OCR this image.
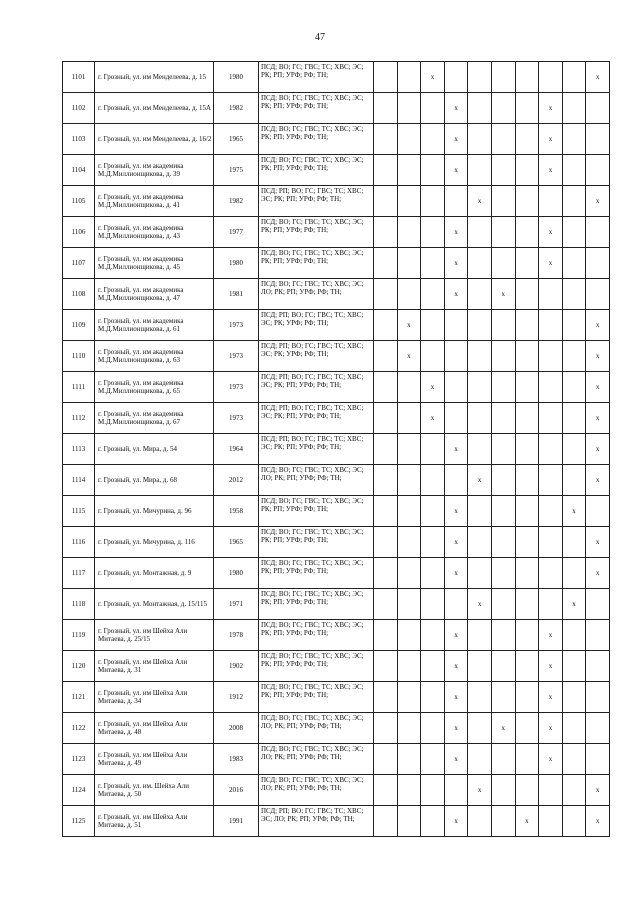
47
1101	г. Грозный, ул. им Менделеева, д. 15	1980	ПСД; ВО; ГС; ГВС; ТС; ХВС; ЭС; РК; РП; УРФ; РФ; ТН;			x							x
1102	г. Грозный, ул. им Менделеева, д. 15А	1982	ПСД; ВО; ГС; ГВС; ТС; ХВС; ЭС; РК; РП; УРФ; РФ; ТН;				х				х		
1103	г. Грозный, ул. им Менделеева, д. 16/2	1965	ПСД; ВО; ГС; ГВС; ТС; ХВС; ЭС; РК; РП; УРФ; РФ; ТН;				х				х		
1104	г. Грозный, ул. им академика М.Д.Миллионщикова, д. 39	1975	ПСД; ВО; ГС; ГВС; ТС; ХВС; ЭС; РК; РП; УРФ; РФ; ТН;				х				х		
1105	г. Грозный, ул. им академика М.Д.Миллионщикова, д. 41	1982	ПСД; РП; ВО; ГС; ГВС; ТС; ХВС; ЭС; РК; РП; УРФ; РФ; ТН;					x					x
1106	г. Грозный, ул. им академика М.Д.Миллионщикова, д. 43	1977	ПСД; ВО; ГС; ГВС; ТС; ХВС; ЭС; РК; РП; УРФ; РФ; ТН;				х				х		
1107	г. Грозный, ул. им академика М.Д.Миллионщикова, д. 45	1980	ПСД; ВО; ГС; ГВС; ТС; ХВС; ЭС; РК; РП; УРФ; РФ; ТН;				х				х		
1108	г. Грозный, ул. им академика М.Д.Миллионщикова, д. 47	1981	ПСД; ВО; ГС; ГВС; ТС; ХВС; ЭС; ЛО; РК; РП; УРФ; РФ; ТН;				х		х				
1109	г. Грозный, ул. им академика М.Д.Миллионщикова, д. 61	1973	ПСД; РП; ВО; ГС; ГВС; ТС; ХВС; ЭС; РК; УРФ; РФ; ТН;		х								x
1110	г. Грозный, ул. им академика М.Д.Миллионщикова, д. 63	1973	ПСД; РП; ВО; ГС; ГВС; ТС; ХВС; ЭС; РК; УРФ; РФ; ТН;		х								x
1111	г. Грозный, ул. им академика М.Д.Миллионщикова, д. 65	1973	ПСД; РП; ВО; ГС; ГВС; ТС; ХВС; ЭС; РК; РП; УРФ; РФ; ТН;			x							x
1112	г. Грозный, ул. им академика М.Д.Миллионщикова, д. 67	1973	ПСД; РП; ВО; ГС; ГВС; ТС; ХВС; ЭС; РК; РП; УРФ; РФ; ТН;			x							x
1113	г. Грозный, ул. Мира, д. 54	1964	ПСД; РП; ВО; ГС; ГВС; ТС; ХВС; ЭС; РК; РП; УРФ; РФ; ТН;				x						x
1114	г. Грозный, ул. Мира, д. 68	2012	ПСД; ВО; ГС; ГВС; ТС; ХВС; ЭС; ЛО; РК; РП; УРФ; РФ; ТН;					x					x
1115	г. Грозный, ул. Мичурина, д. 96	1958	ПСД; ВО; ГС; ГВС; ТС; ХВС; ЭС; РК; РП; УРФ; РФ; ТН;				х					x	
1116	г. Грозный, ул. Мичурина, д. 116	1965	ПСД; ВО; ГС; ГВС; ТС; ХВС; ЭС; РК; РП; УРФ; РФ; ТН;				х						x
1117	г. Грозный, ул. Монтажная, д. 9	1980	ПСД; ВО; ГС; ГВС; ТС; ХВС; ЭС; РК; РП; УРФ; РФ; ТН;				х						x
1118	г. Грозный, ул. Монтажная, д. 15/115	1971	ПСД; ВО; ГС; ГВС; ТС; ХВС; ЭС; РК; РП; УРФ; РФ; ТН;					x				x	
1119	г. Грозный, ул. им Шейха Али Митаева, д. 25/15	1978	ПСД; ВО; ГС; ГВС; ТС; ХВС; ЭС; РК; РП; УРФ; РФ; ТН;				х				х		
1120	г. Грозный, ул. им Шейха Али Митаева, д. 31	1902	ПСД; ВО; ГС; ГВС; ТС; ХВС; ЭС; РК; РП; УРФ; РФ; ТН;				х				х		
1121	г. Грозный, ул. им Шейха Али Митаева, д. 34	1912	ПСД; ВО; ГС; ГВС; ТС; ХВС; ЭС; РК; РП; УРФ; РФ; ТН;				х				х		
1122	г. Грозный, ул. им Шейха Али Митаева, д. 48	2008	ПСД; ВО; ГС; ГВС; ТС; ХВС; ЭС; ЛО; РК; РП; УРФ; РФ; ТН;				х		х		х		
1123	г. Грозный, ул. им Шейха Али Митаева, д. 49	1983	ПСД; ВО; ГС; ГВС; ТС; ХВС; ЭС; ЛО; РК; РП; УРФ; РФ; ТН;				х				х		
1124	г. Грозный, ул. им. Шейха Али Митаева, д. 50	2016	ПСД; ВО; ГС; ГВС; ТС; ХВС; ЭС; ЛО; РК; РП; УРФ; РФ; ТН;					x					x
1125	г. Грозный, ул. им Шейха Али Митаева, д. 51	1991	ПСД; РП; ВО; ГС; ГВС; ТС; ХВС; ЭС; ЛО; РК; РП; УРФ; РФ; ТН;				х			x			x
